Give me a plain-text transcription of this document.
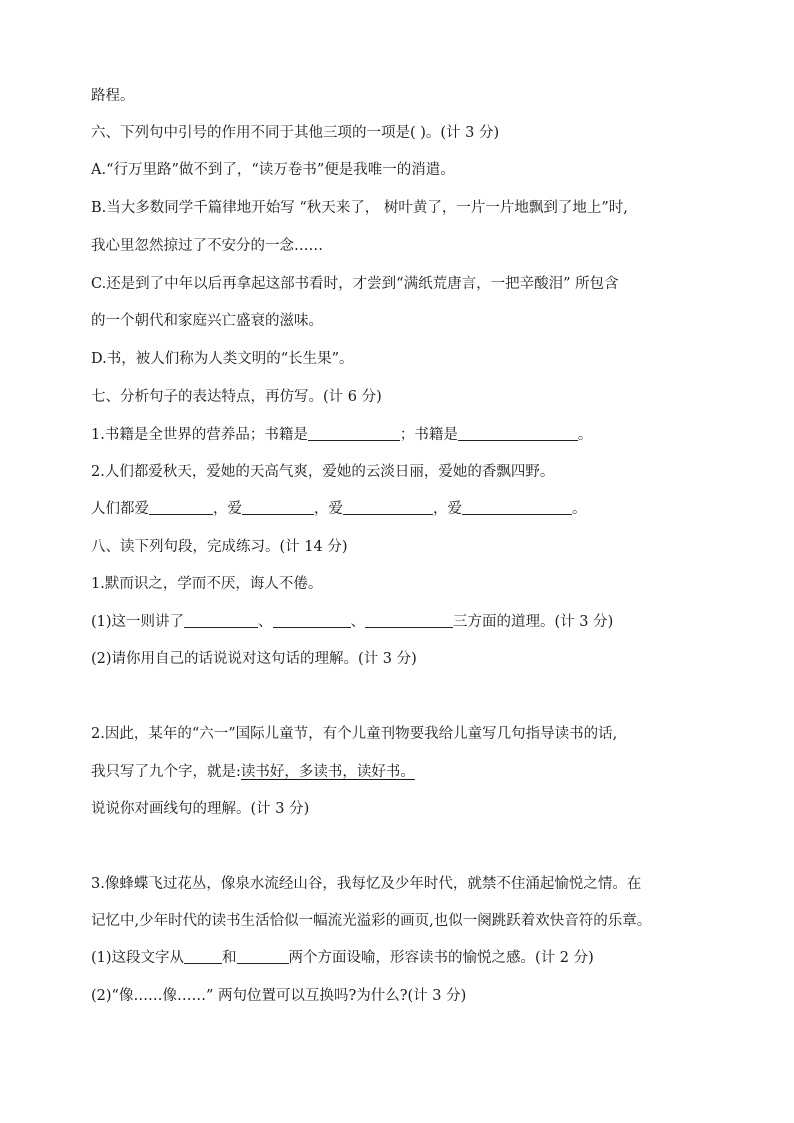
路程。
六、下列句中引号的作用不同于其他三项的一项是( )。(计 3 分)
A.“行万里路”做不到了，“读万卷书”便是我唯一的消遣。
B.当大多数同学千篇律地开始写 “秋天来了， 树叶黄了，一片一片地飘到了地上”时,
我心里忽然掠过了不安分的一念……
C.还是到了中年以后再拿起这部书看时，才尝到“满纸荒唐言，一把辛酸泪” 所包含
的一个朝代和家庭兴亡盛衰的滋味。
D.书，被人们称为人类文明的“长生果”。
七、分析句子的表达特点，再仿写。(计 6 分)
1.书籍是全世界的营养品；书籍是	；书籍是	。
2.人们都爱秋天，爱她的天高气爽，爱她的云淡日丽，爱她的香飘四野。
人们都爱	，爱	，爱	，爱	。
八、读下列句段，完成练习。(计 14 分)
1.默而识之，学而不厌，诲人不倦。
(1)这一则讲了	、	、	三方面的道理。(计 3 分)
(2)请你用自己的话说说对这句话的理解。(计 3 分)
2.因此，某年的“六一”国际儿童节，有个儿童刊物要我给儿童写几句指导读书的话,
我只写了九个字，就是:读书好，多读书，读好书。
说说你对画线句的理解。(计 3 分)
3.像蜂蝶飞过花丛，像泉水流经山谷，我每忆及少年时代，就禁不住涌起愉悦之情。在
记忆中,少年时代的读书生活恰似一幅流光溢彩的画页,也似一阕跳跃着欢快音符的乐章。
(1)这段文字从	和	两个方面设喻，形容读书的愉悦之感。(计 2 分)
(2)“像……像……” 两句位置可以互换吗?为什么?(计 3 分)
